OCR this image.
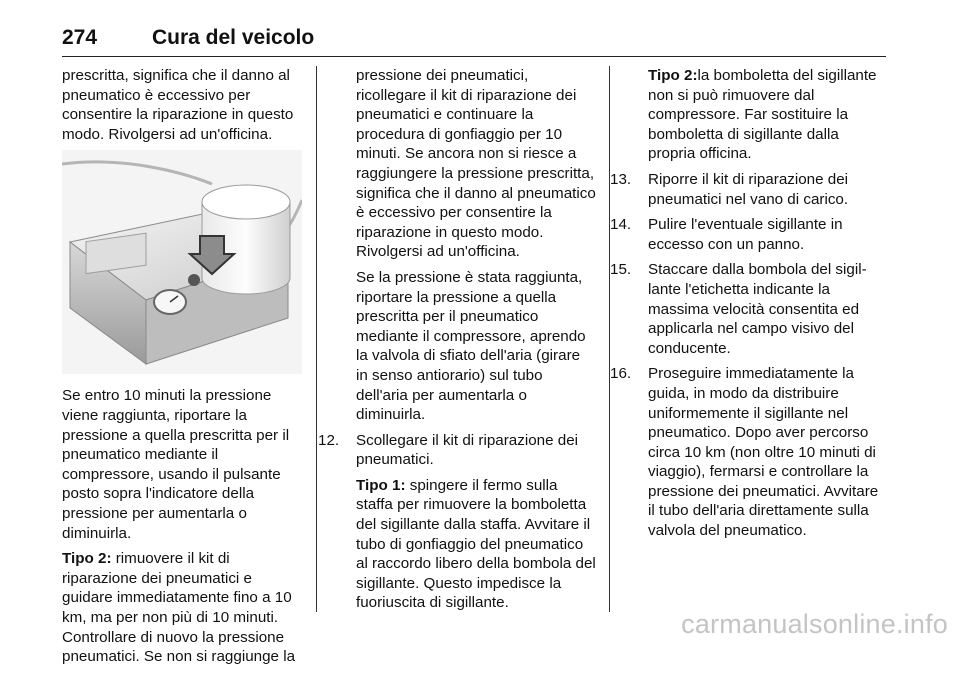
274	Cura del veicolo

prescritta, significa che il danno al pneumatico è eccessivo per consentire la riparazione in questo modo. Rivolgersi ad un'officina.

Se entro 10 minuti la pressione viene raggiunta, riportare la pressione a quella prescritta per il pneumatico mediante il compressore, usando il pulsante posto sopra l'indicatore della pressione per aumentarla o diminuirla.

Tipo 2: rimuovere il kit di riparazione dei pneumatici e guidare immediatamente fino a 10 km, ma per non più di 10 minuti. Controllare di nuovo la pressione pneumatici. Se non si raggiunge la

pressione dei pneumatici, ricollegare il kit di riparazione dei pneumatici e continuare la procedura di gonfiaggio per 10 minuti. Se ancora non si riesce a raggiungere la pressione prescritta, significa che il danno al pneumatico è eccessivo per consentire la riparazione in questo modo. Rivolgersi ad un'officina.

Se la pressione è stata raggiunta, riportare la pressione a quella prescritta per il pneumatico mediante il compressore, aprendo la valvola di sfiato dell'aria (girare in senso antiorario) sul tubo dell'aria per aumentarla o diminuirla.

12.	Scollegare il kit di riparazione dei pneumatici.

Tipo 1: spingere il fermo sulla staffa per rimuovere la bomboletta del sigillante dalla staffa. Avvitare il tubo di gonfiaggio del pneumatico al raccordo libero della bombola del sigillante. Questo impedisce la fuoriuscita di sigillante.

Tipo 2:la bomboletta del sigillante non si può rimuovere dal compressore. Far sostituire la bomboletta di sigillante dalla propria officina.

13.	Riporre il kit di riparazione dei pneumatici nel vano di carico.
14.	Pulire l'eventuale sigillante in eccesso con un panno.
15.	Staccare dalla bombola del sigillante l'etichetta indicante la massima velocità consentita ed applicarla nel campo visivo del conducente.
16.	Proseguire immediatamente la guida, in modo da distribuire uniformemente il sigillante nel pneumatico. Dopo aver percorso circa 10 km (non oltre 10 minuti di viaggio), fermarsi e controllare la pressione dei pneumatici. Avvitare il tubo dell'aria direttamente sulla valvola del pneumatico.
carmanualsonline.info
